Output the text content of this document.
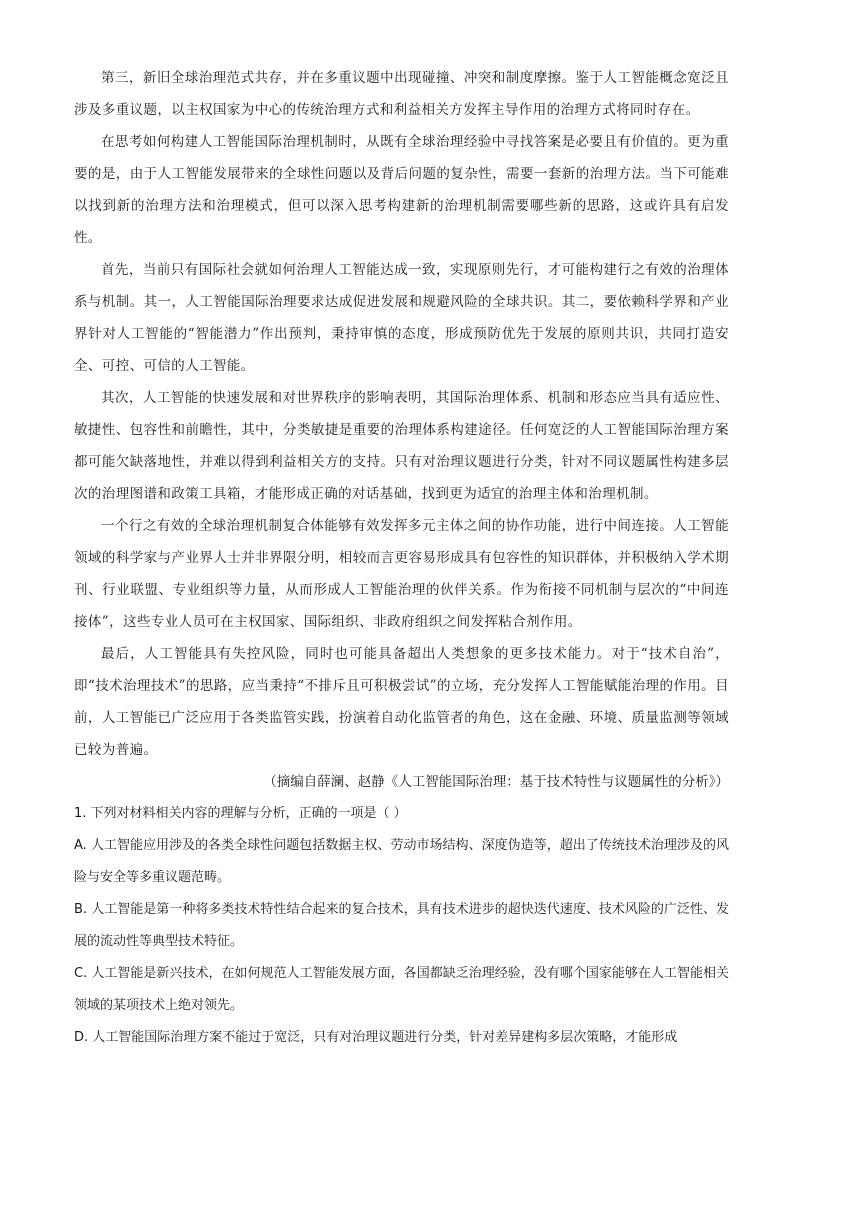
第三，新旧全球治理范式共存，并在多重议题中出现碰撞、冲突和制度摩擦。鉴于人工智能概念宽泛且涉及多重议题，以主权国家为中心的传统治理方式和利益相关方发挥主导作用的治理方式将同时存在。

在思考如何构建人工智能国际治理机制时，从既有全球治理经验中寻找答案是必要且有价值的。更为重要的是，由于人工智能发展带来的全球性问题以及背后问题的复杂性，需要一套新的治理方法。当下可能难以找到新的治理方法和治理模式，但可以深入思考构建新的治理机制需要哪些新的思路，这或许具有启发性。

首先，当前只有国际社会就如何治理人工智能达成一致，实现原则先行，才可能构建行之有效的治理体系与机制。其一，人工智能国际治理要求达成促进发展和规避风险的全球共识。其二，要依赖科学界和产业界针对人工智能的“智能潜力”作出预判，秉持审慎的态度，形成预防优先于发展的原则共识，共同打造安全、可控、可信的人工智能。

其次，人工智能的快速发展和对世界秩序的影响表明，其国际治理体系、机制和形态应当具有适应性、敏捷性、包容性和前瞻性，其中，分类敏捷是重要的治理体系构建途径。任何宽泛的人工智能国际治理方案都可能欠缺落地性，并难以得到利益相关方的支持。只有对治理议题进行分类，针对不同议题属性构建多层次的治理图谱和政策工具箱，才能形成正确的对话基础，找到更为适宜的治理主体和治理机制。

一个行之有效的全球治理机制复合体能够有效发挥多元主体之间的协作功能，进行中间连接。人工智能领域的科学家与产业界人士并非界限分明，相较而言更容易形成具有包容性的知识群体，并积极纳入学术期刊、行业联盟、专业组织等力量，从而形成人工智能治理的伙伴关系。作为衔接不同机制与层次的“中间连接体”，这些专业人员可在主权国家、国际组织、非政府组织之间发挥粘合剂作用。

最后，人工智能具有失控风险，同时也可能具备超出人类想象的更多技术能力。对于“技术自治”，即“技术治理技术”的思路，应当秉持“不排斥且可积极尝试”的立场，充分发挥人工智能赋能治理的作用。目前，人工智能已广泛应用于各类监管实践，扮演着自动化监管者的角色，这在金融、环境、质量监测等领域已较为普遍。

（摘编自薛澜、赵静《人工智能国际治理：基于技术特性与议题属性的分析》）

1. 下列对材料相关内容的理解与分析，正确的一项是（ ）

A. 人工智能应用涉及的各类全球性问题包括数据主权、劳动市场结构、深度伪造等，超出了传统技术治理涉及的风险与安全等多重议题范畴。

B. 人工智能是第一种将多类技术特性结合起来的复合技术，具有技术进步的超快迭代速度、技术风险的广泛性、发展的流动性等典型技术特征。

C. 人工智能是新兴技术，在如何规范人工智能发展方面，各国都缺乏治理经验，没有哪个国家能够在人工智能相关领域的某项技术上绝对领先。

D. 人工智能国际治理方案不能过于宽泛，只有对治理议题进行分类，针对差异建构多层次策略，才能形成
